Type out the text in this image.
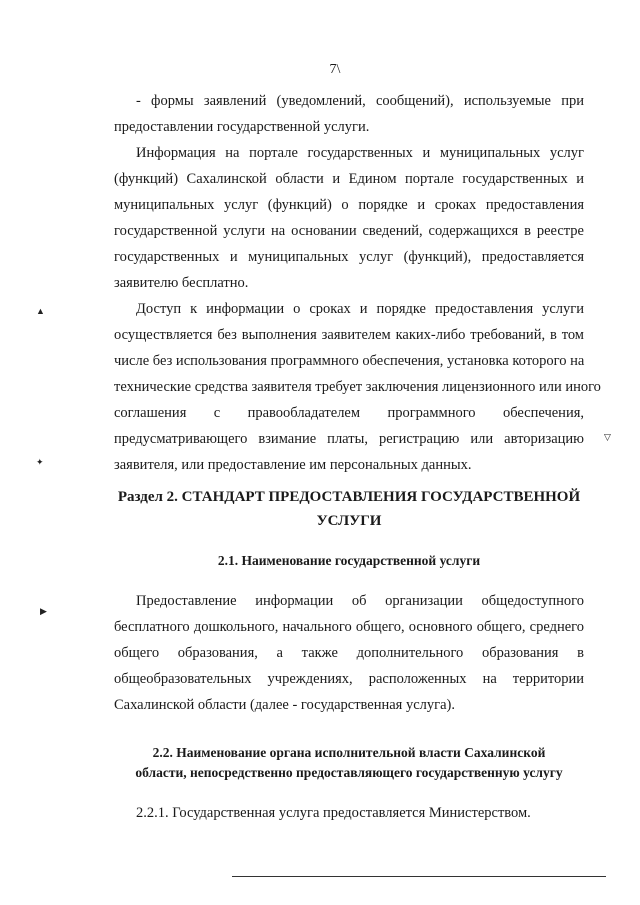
7\
- формы заявлений (уведомлений, сообщений), используемые при
предоставлении государственной услуги.
Информация на портале государственных и муниципальных услуг
(функций) Сахалинской области и Едином портале государственных и
муниципальных услуг (функций) о порядке и сроках предоставления
государственной услуги на основании сведений, содержащихся в реестре
государственных и муниципальных услуг (функций), предоставляется
заявителю бесплатно.
Доступ к информации о сроках и порядке предоставления услуги
осуществляется без выполнения заявителем каких-либо требований, в том
числе без использования программного обеспечения, установка которого на
технические средства заявителя требует заключения лицензионного или иного
соглашения с правообладателем программного обеспечения,
предусматривающего взимание платы, регистрацию или авторизацию
заявителя, или предоставление им персональных данных.
Раздел 2. СТАНДАРТ ПРЕДОСТАВЛЕНИЯ ГОСУДАРСТВЕННОЙ
УСЛУГИ
2.1. Наименование государственной услуги
Предоставление информации об организации общедоступного
бесплатного дошкольного, начального общего, основного общего, среднего
общего образования, а также дополнительного образования в
общеобразовательных учреждениях, расположенных на территории
Сахалинской области (далее - государственная услуга).
2.2. Наименование органа исполнительной власти Сахалинской
области, непосредственно предоставляющего государственную услугу
2.2.1. Государственная услуга предоставляется Министерством.
▲
✦
▶
▽
